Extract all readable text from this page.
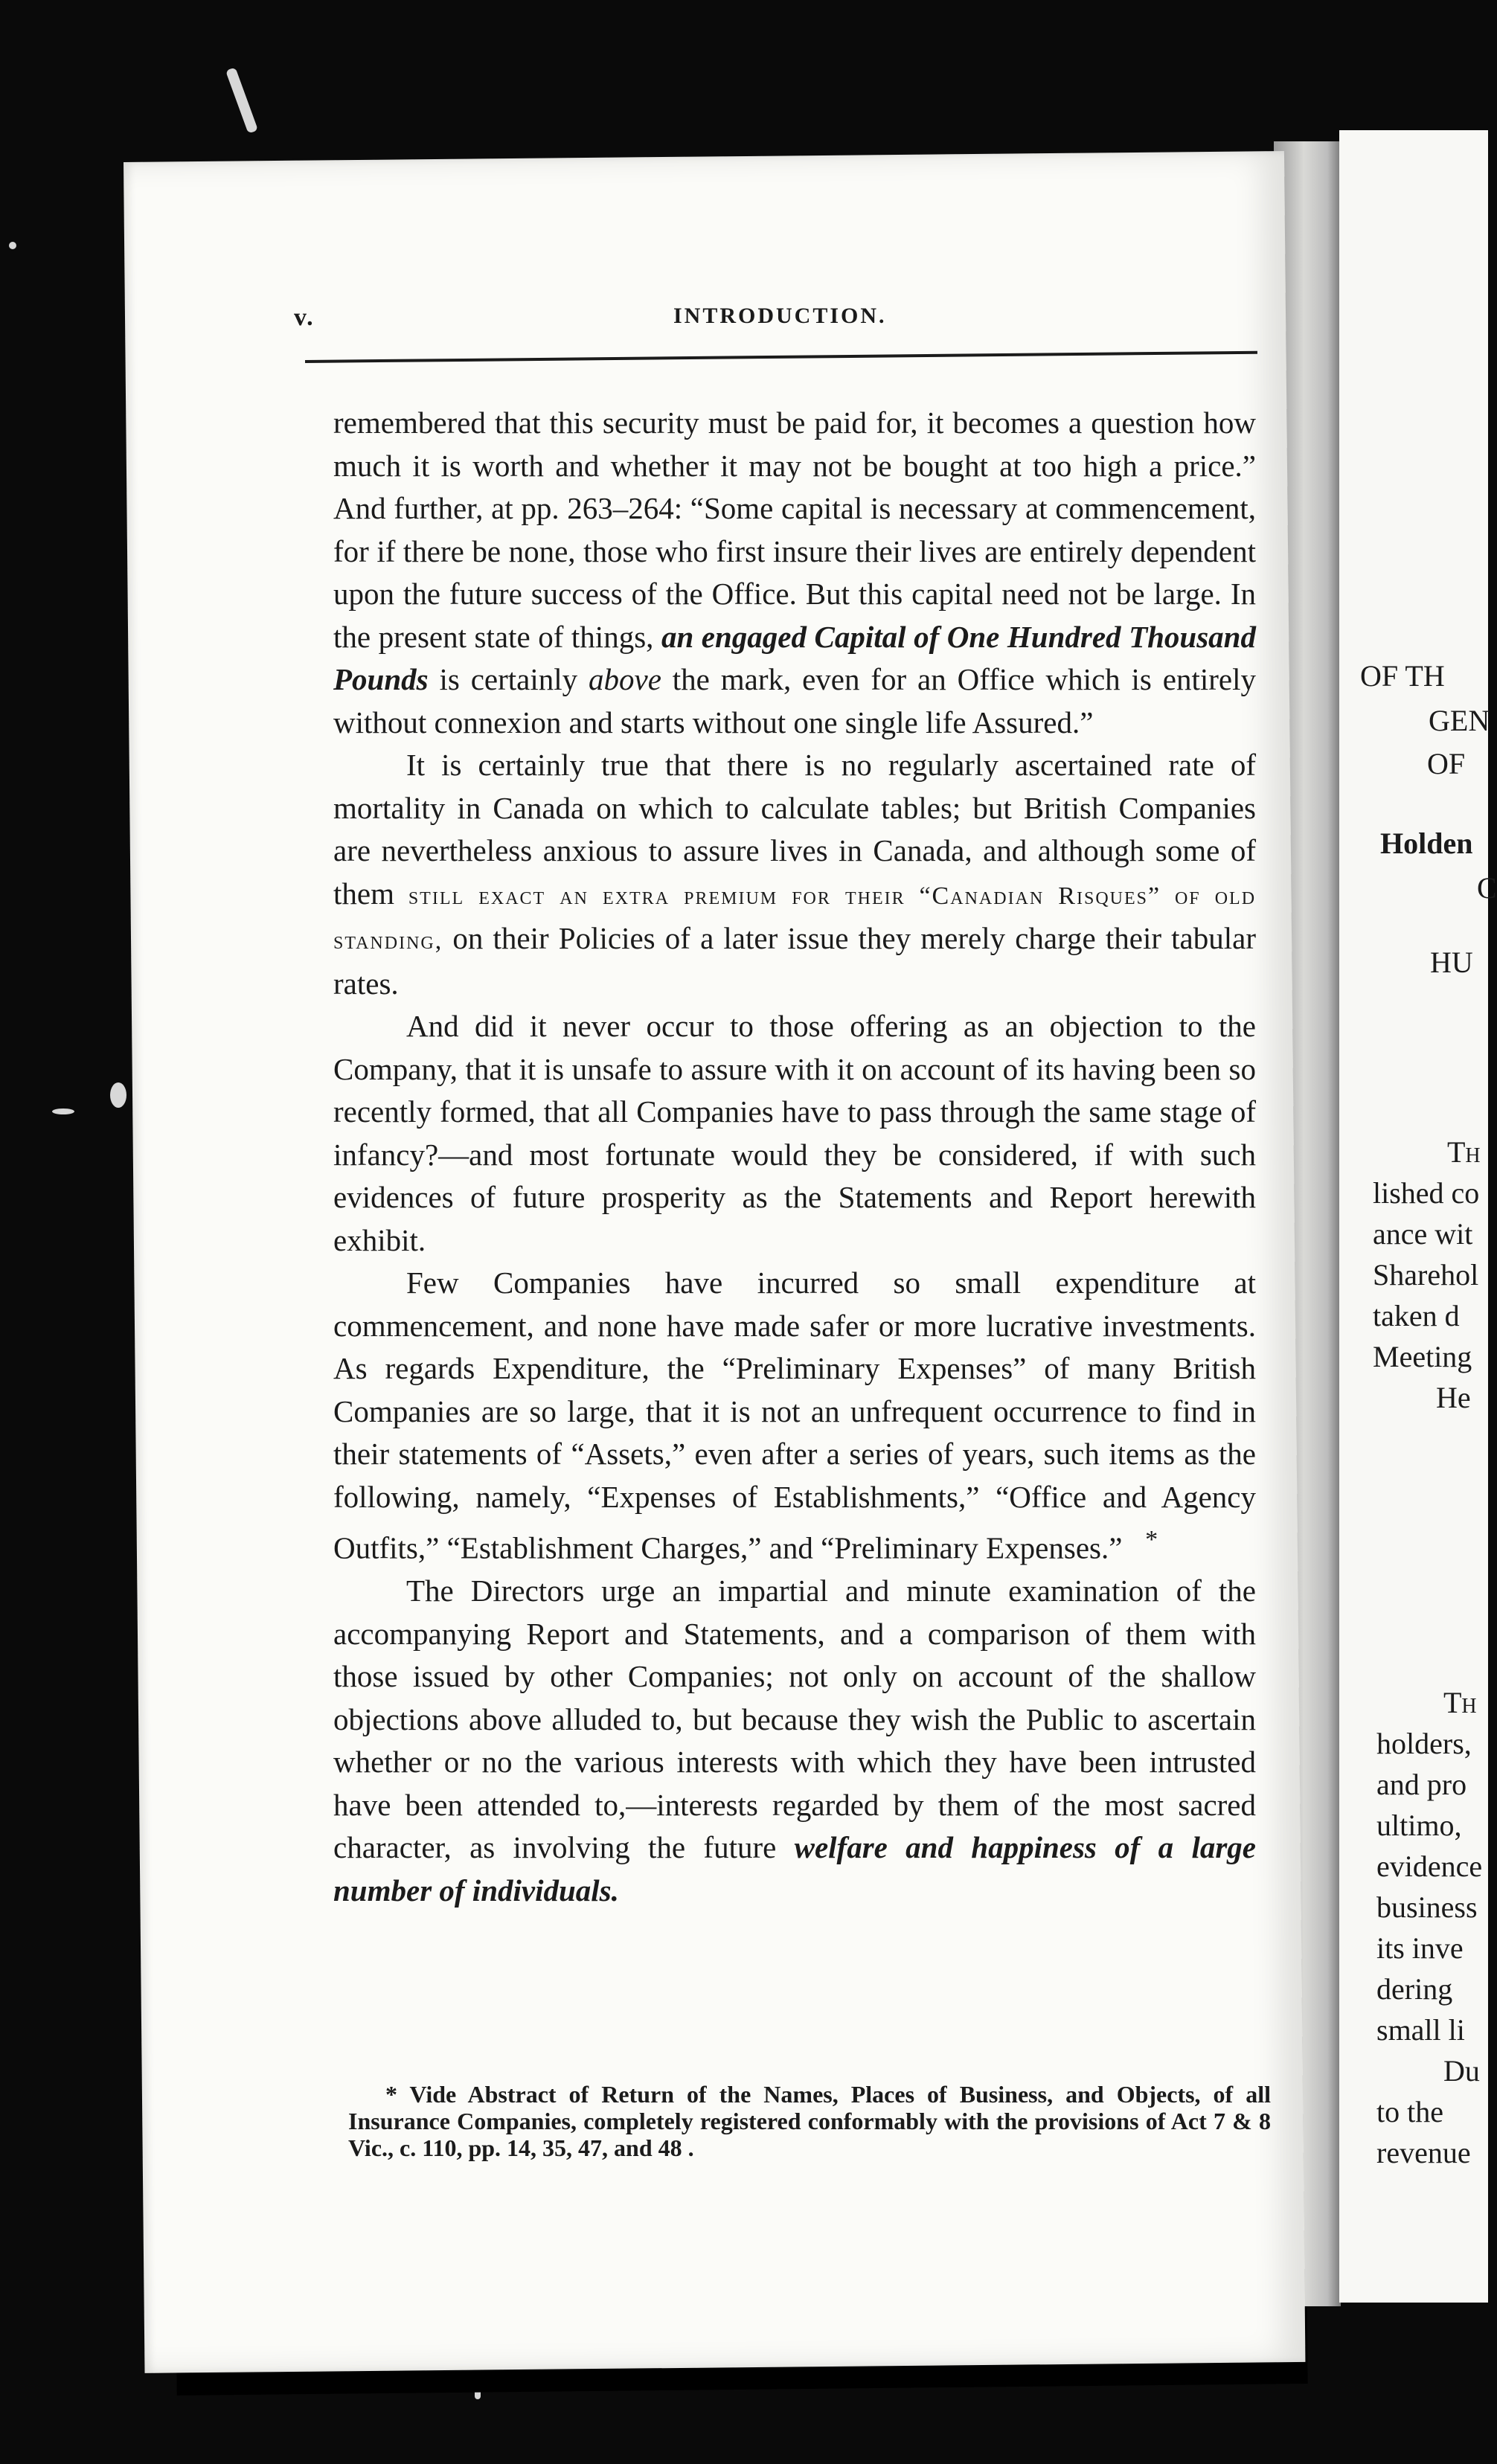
OF TH
GEN
OF
Holden
C
HU
Th
lished co
ance wit
Sharehol
taken d
Meeting
He
Th
holders,
and pro
ultimo,
evidence
business
its inve
dering
small li
Du
to the
revenue
v.	INTRODUCTION.

remembered that this security must be paid for, it becomes a question how much it is worth and whether it may not be bought at too high a price.” And further, at pp. 263–264: “Some capital is necessary at commencement, for if there be none, those who first insure their lives are entirely dependent upon the future success of the Office. But this capital need not be large. In the present state of things, an engaged Capital of One Hundred Thousand Pounds is certainly above the mark, even for an Office which is entirely without connexion and starts without one single life Assured.”

It is certainly true that there is no regularly ascertained rate of mortality in Canada on which to calculate tables; but British Companies are nevertheless anxious to assure lives in Canada, and although some of them still exact an extra premium for their “Canadian Risques” of old standing, on their Policies of a later issue they merely charge their tabular rates.

And did it never occur to those offering as an objection to the Company, that it is unsafe to assure with it on account of its having been so recently formed, that all Companies have to pass through the same stage of infancy?—and most fortunate would they be considered, if with such evidences of future prosperity as the Statements and Report herewith exhibit.

Few Companies have incurred so small expenditure at commencement, and none have made safer or more lucrative investments. As regards Expenditure, the “Preliminary Expenses” of many British Companies are so large, that it is not an unfrequent occurrence to find in their statements of “Assets,” even after a series of years, such items as the following, namely, “Expenses of Establishments,” “Office and Agency Outfits,” “Establishment Charges,” and “Preliminary Expenses.” *

The Directors urge an impartial and minute examination of the accompanying Report and Statements, and a comparison of them with those issued by other Companies; not only on account of the shallow objections above alluded to, but because they wish the Public to ascertain whether or no the various interests with which they have been intrusted have been attended to,—interests regarded by them of the most sacred character, as involving the future welfare and happiness of a large number of individuals.

* Vide Abstract of Return of the Names, Places of Business, and Objects, of all Insurance Companies, completely registered conformably with the provisions of Act 7 & 8 Vic., c. 110, pp. 14, 35, 47, and 48 .
